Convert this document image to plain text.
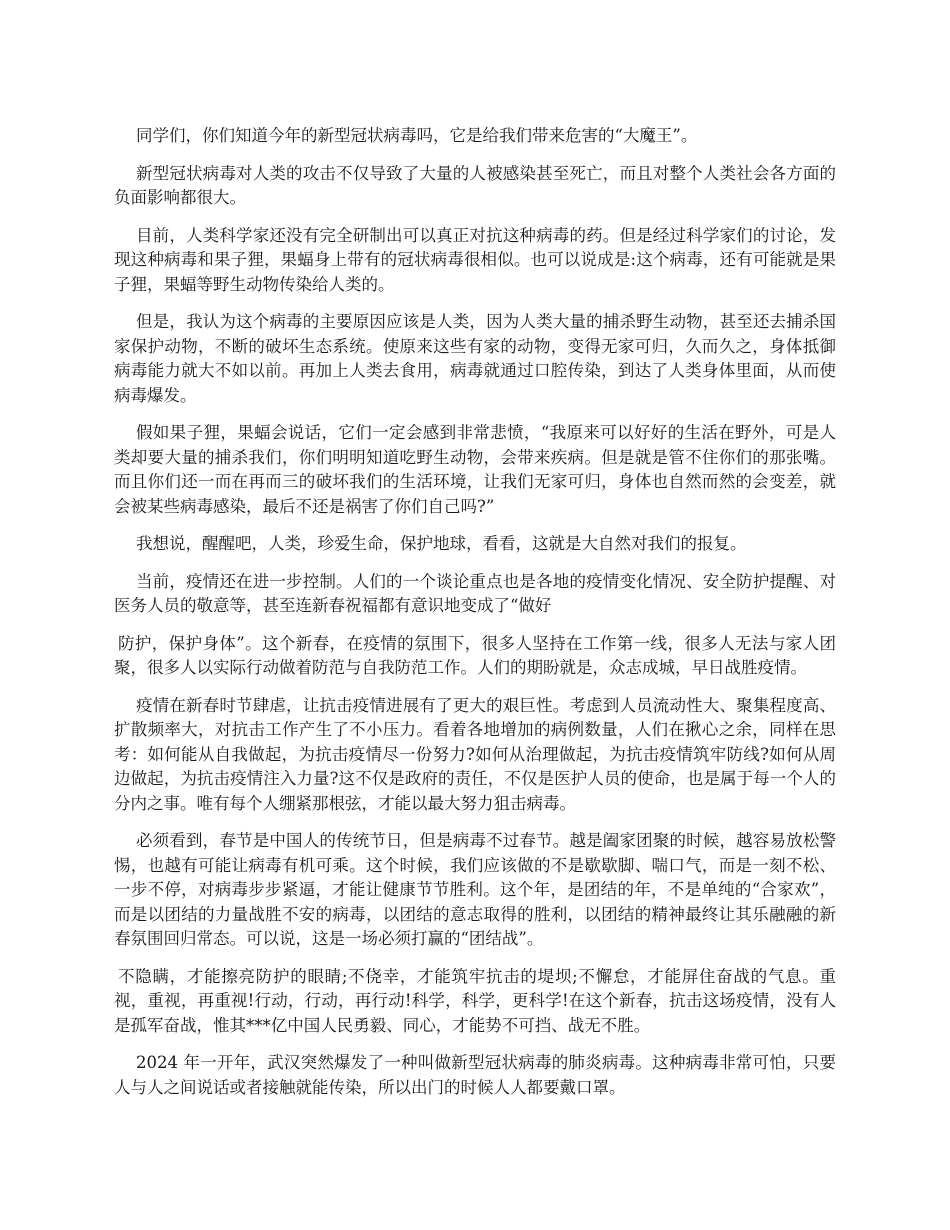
同学们，你们知道今年的新型冠状病毒吗，它是给我们带来危害的“大魔王”。

新型冠状病毒对人类的攻击不仅导致了大量的人被感染甚至死亡，而且对整个人类社会各方面的负面影响都很大。

目前，人类科学家还没有完全研制出可以真正对抗这种病毒的药。但是经过科学家们的讨论，发现这种病毒和果子狸，果蝠身上带有的冠状病毒很相似。也可以说成是:这个病毒，还有可能就是果子狸，果蝠等野生动物传染给人类的。

但是，我认为这个病毒的主要原因应该是人类，因为人类大量的捕杀野生动物，甚至还去捕杀国家保护动物，不断的破坏生态系统。使原来这些有家的动物，变得无家可归，久而久之，身体抵御病毒能力就大不如以前。再加上人类去食用，病毒就通过口腔传染，到达了人类身体里面，从而使病毒爆发。

假如果子狸，果蝠会说话，它们一定会感到非常悲愤，“我原来可以好好的生活在野外，可是人类却要大量的捕杀我们，你们明明知道吃野生动物，会带来疾病。但是就是管不住你们的那张嘴。而且你们还一而在再而三的破坏我们的生活环境，让我们无家可归，身体也自然而然的会变差，就会被某些病毒感染，最后不还是祸害了你们自己吗?”

我想说，醒醒吧，人类，珍爱生命，保护地球，看看，这就是大自然对我们的报复。

当前，疫情还在进一步控制。人们的一个谈论重点也是各地的疫情变化情况、安全防护提醒、对医务人员的敬意等，甚至连新春祝福都有意识地变成了“做好

防护，保护身体”。这个新春，在疫情的氛围下，很多人坚持在工作第一线，很多人无法与家人团聚，很多人以实际行动做着防范与自我防范工作。人们的期盼就是，众志成城，早日战胜疫情。

疫情在新春时节肆虐，让抗击疫情进展有了更大的艰巨性。考虑到人员流动性大、聚集程度高、扩散频率大，对抗击工作产生了不小压力。看着各地增加的病例数量，人们在揪心之余，同样在思考：如何能从自我做起，为抗击疫情尽一份努力?如何从治理做起，为抗击疫情筑牢防线?如何从周边做起，为抗击疫情注入力量?这不仅是政府的责任，不仅是医护人员的使命，也是属于每一个人的分内之事。唯有每个人绷紧那根弦，才能以最大努力狙击病毒。

必须看到，春节是中国人的传统节日，但是病毒不过春节。越是阖家团聚的时候，越容易放松警惕，也越有可能让病毒有机可乘。这个时候，我们应该做的不是歇歇脚、喘口气，而是一刻不松、一步不停，对病毒步步紧逼，才能让健康节节胜利。这个年，是团结的年，不是单纯的“合家欢”，而是以团结的力量战胜不安的病毒，以团结的意志取得的胜利，以团结的精神最终让其乐融融的新春氛围回归常态。可以说，这是一场必须打赢的“团结战”。

不隐瞒，才能擦亮防护的眼睛;不侥幸，才能筑牢抗击的堤坝;不懈怠，才能屏住奋战的气息。重视，重视，再重视!行动，行动，再行动!科学，科学，更科学!在这个新春，抗击这场疫情，没有人是孤军奋战，惟其***亿中国人民勇毅、同心，才能势不可挡、战无不胜。

2024 年一开年，武汉突然爆发了一种叫做新型冠状病毒的肺炎病毒。这种病毒非常可怕，只要人与人之间说话或者接触就能传染，所以出门的时候人人都要戴口罩。
